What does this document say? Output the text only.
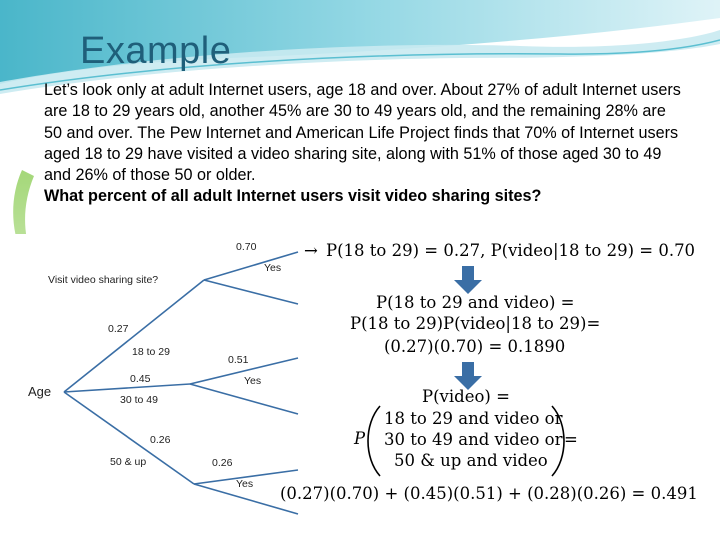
Example
Let’s look only at adult Internet users, age 18 and over. About 27% of adult Internet users are 18 to 29 years old, another 45% are 30 to 49 years old, and the remaining 28% are 50 and over. The Pew Internet and American Life Project finds that 70% of Internet users aged 18 to 29 have visited a video sharing site, along with 51% of those aged 30 to 49 and 26% of those 50 or older.
What percent of all adult Internet users visit video sharing sites?
Age
Visit video sharing site?
0.27
18 to 29
0.70
Yes
0.45
30 to 49
0.51
Yes
0.26
50 & up	0.26
Yes
→ P(18 to 29) = 0.27, P(video|18 to 29) = 0.70
P(18 to 29 and video) =
P(18 to 29)P(video|18 to 29)=
(0.27)(0.70) = 0.1890
P(video) =
P
18 to 29 and video or
30 to 49 and video or
50 & up and video
=
(0.27)(0.70) + (0.45)(0.51) + (0.28)(0.26) = 0.491
